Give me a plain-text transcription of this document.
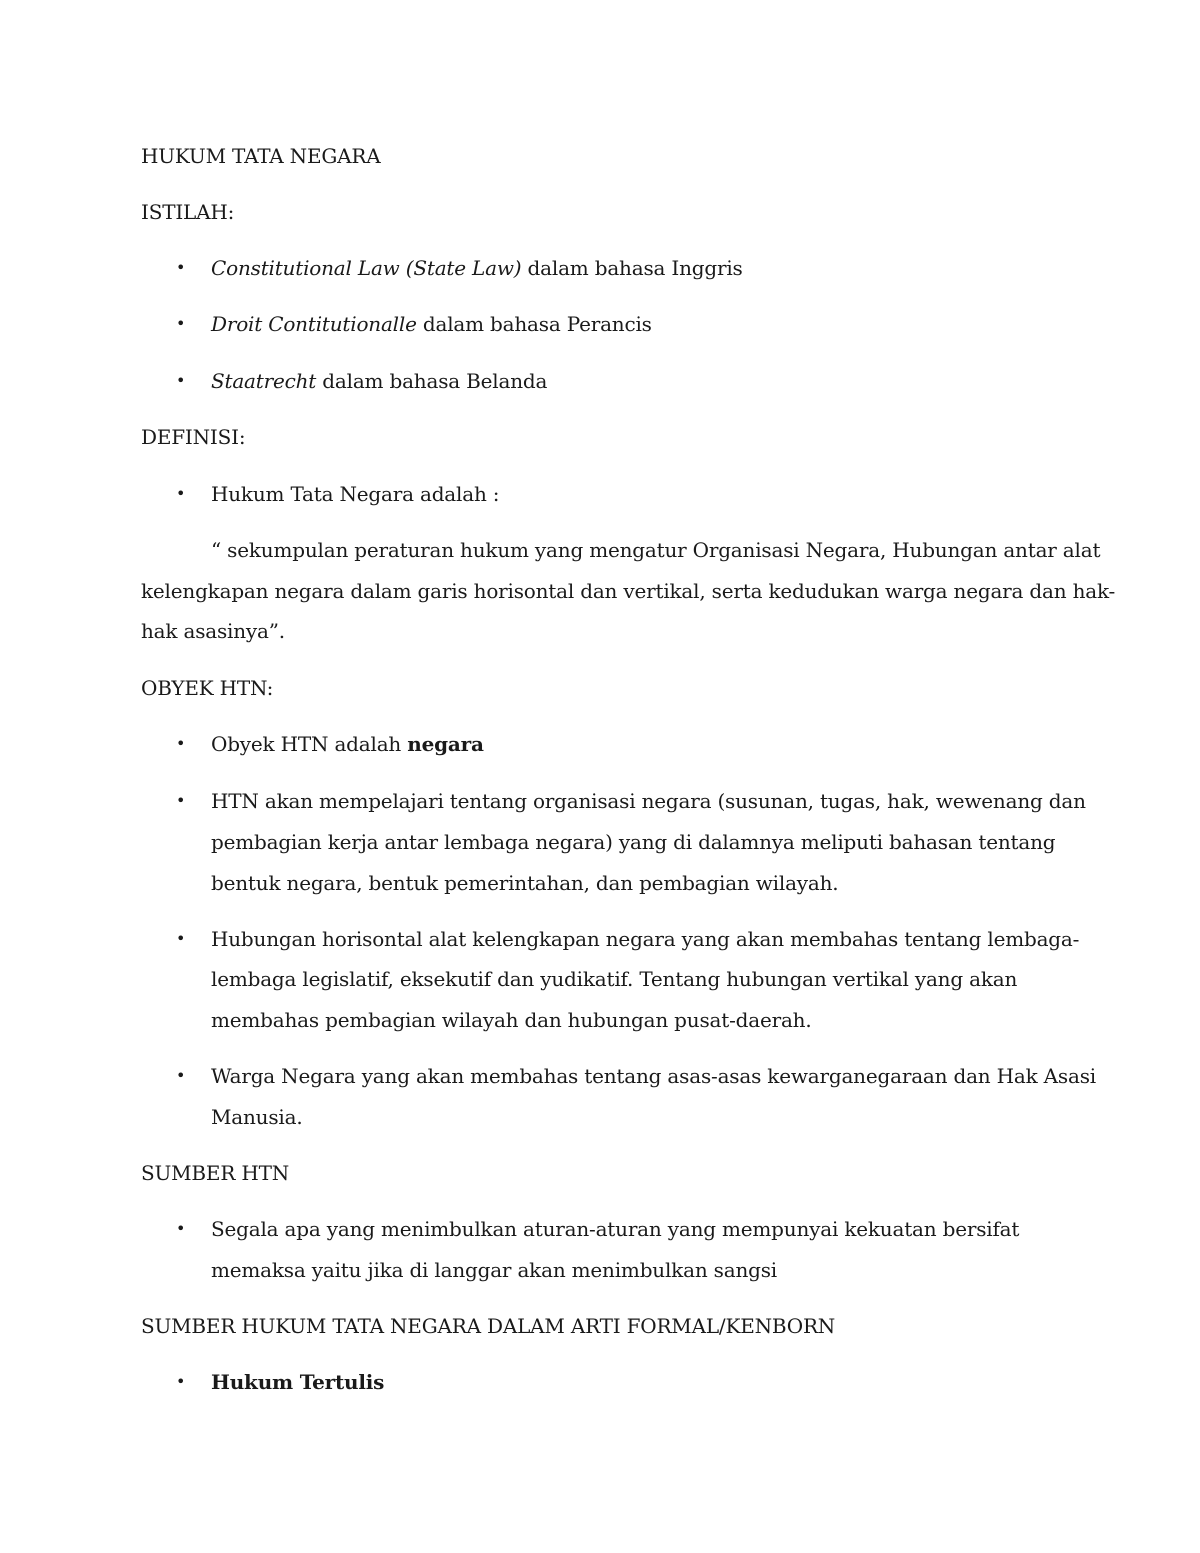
HUKUM TATA NEGARA
ISTILAH:
• Constitutional Law (State Law) dalam bahasa Inggris
• Droit Contitutionalle dalam bahasa Perancis
• Staatrecht dalam bahasa Belanda
DEFINISI:
• Hukum Tata Negara adalah :
“ sekumpulan peraturan hukum yang mengatur Organisasi Negara, Hubungan antar alat
kelengkapan negara dalam garis horisontal dan vertikal, serta kedudukan warga negara dan hak-
hak asasinya”.
OBYEK HTN:
• Obyek HTN adalah negara
• HTN akan mempelajari tentang organisasi negara (susunan, tugas, hak, wewenang dan
pembagian kerja antar lembaga negara) yang di dalamnya meliputi bahasan tentang
bentuk negara, bentuk pemerintahan, dan pembagian wilayah.
• Hubungan horisontal alat kelengkapan negara yang akan membahas tentang lembaga-
lembaga legislatif, eksekutif dan yudikatif. Tentang hubungan vertikal yang akan
membahas pembagian wilayah dan hubungan pusat-daerah.
• Warga Negara yang akan membahas tentang asas-asas kewarganegaraan dan Hak Asasi
Manusia.
SUMBER HTN
• Segala apa yang menimbulkan aturan-aturan yang mempunyai kekuatan bersifat
memaksa yaitu jika di langgar akan menimbulkan sangsi
SUMBER HUKUM TATA NEGARA DALAM ARTI FORMAL/KENBORN
• Hukum Tertulis
